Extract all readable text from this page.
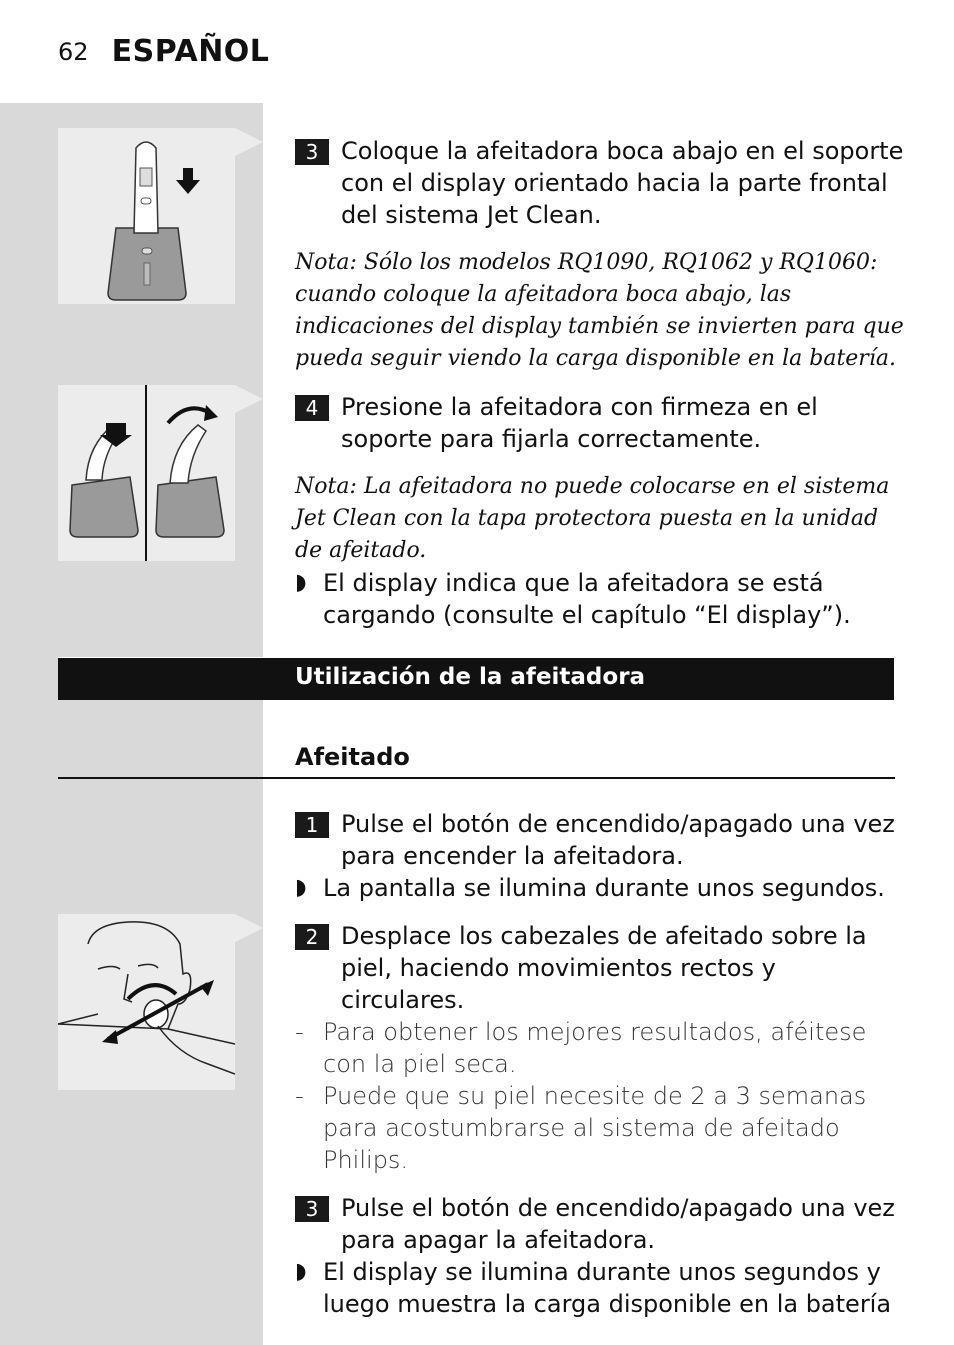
62 ESPAÑOL
3 Coloque la afeitadora boca abajo en el soporte con el display orientado hacia la parte frontal del sistema Jet Clean.
Nota: Sólo los modelos RQ1090, RQ1062 y RQ1060: cuando coloque la afeitadora boca abajo, las indicaciones del display también se invierten para que pueda seguir viendo la carga disponible en la batería.
4 Presione la afeitadora con firmeza en el soporte para fijarla correctamente.
Nota: La afeitadora no puede colocarse en el sistema Jet Clean con la tapa protectora puesta en la unidad de afeitado.
◗ El display indica que la afeitadora se está cargando (consulte el capítulo “El display”).
Utilización de la afeitadora
Afeitado
1 Pulse el botón de encendido/apagado una vez para encender la afeitadora.
◗ La pantalla se ilumina durante unos segundos.
2 Desplace los cabezales de afeitado sobre la piel, haciendo movimientos rectos y circulares.
- Para obtener los mejores resultados, aféitese con la piel seca.
- Puede que su piel necesite de 2 a 3 semanas para acostumbrarse al sistema de afeitado Philips.
3 Pulse el botón de encendido/apagado una vez para apagar la afeitadora.
◗ El display se ilumina durante unos segundos y luego muestra la carga disponible en la batería
